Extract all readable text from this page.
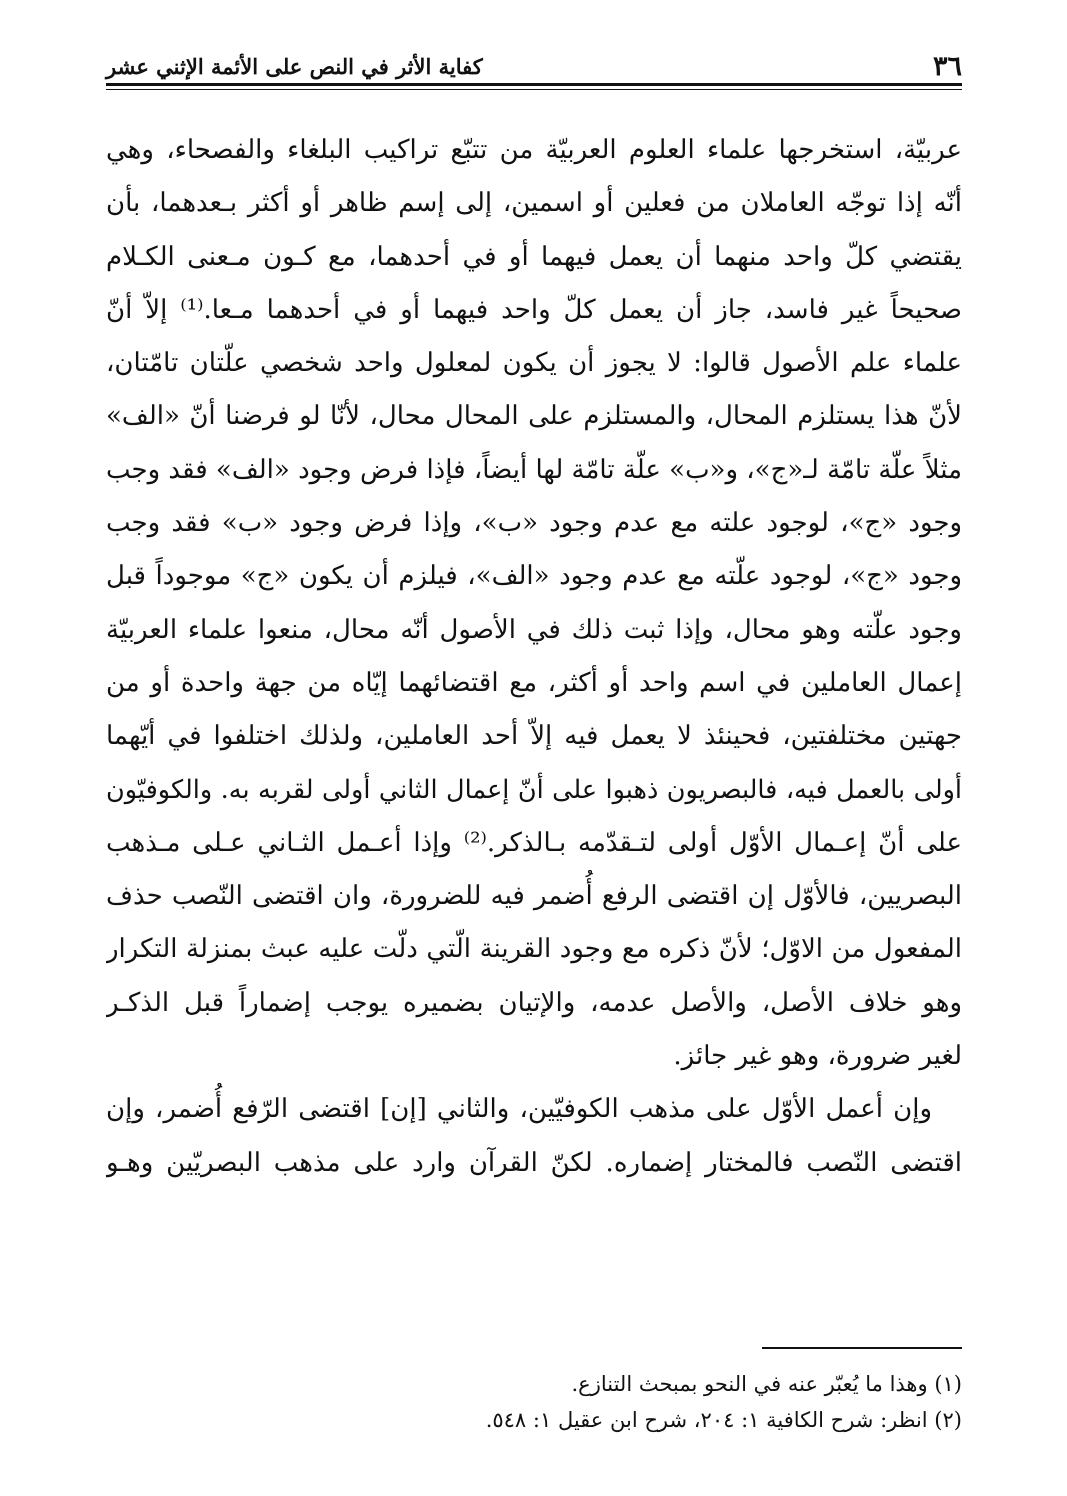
٣٦
كفاية الأثر في النص على الأئمة الإثني عشر
عربيّة، استخرجها علماء العلوم العربيّة من تتبّع تراكيب البلغاء والفصحاء، وهي
أنّه إذا توجّه العاملان من فعلين أو اسمين، إلى إسم ظاهر أو أكثر بـعدهما، بأن
يقتضي كلّ واحد منهما أن يعمل فيهما أو في أحدهما، مع كـون مـعنى الكـلام
صحيحاً غير فاسد، جاز أن يعمل كلّ واحد فيهما أو في أحدهما مـعا.⁽¹⁾ إلاّ أنّ
علماء علم الأصول قالوا: لا يجوز أن يكون لمعلول واحد شخصي علّتان تامّتان،
لأنّ هذا يستلزم المحال، والمستلزم على المحال محال، لأنّا لو فرضنا أنّ «الف»
مثلاً علّة تامّة لـ«ج»، و«ب» علّة تامّة لها أيضاً، فإذا فرض وجود «الف» فقد وجب
وجود «ج»، لوجود علته مع عدم وجود «ب»، وإذا فرض وجود «ب» فقد وجب
وجود «ج»، لوجود علّته مع عدم وجود «الف»، فيلزم أن يكون «ج» موجوداً قبل
وجود علّته وهو محال، وإذا ثبت ذلك في الأصول أنّه محال، منعوا علماء العربيّة
إعمال العاملين في اسم واحد أو أكثر، مع اقتضائهما إيّاه من جهة واحدة أو من
جهتين مختلفتين، فحينئذ لا يعمل فيه إلاّ أحد العاملين، ولذلك اختلفوا في أيّهما
أولى بالعمل فيه، فالبصريون ذهبوا على أنّ إعمال الثاني أولى لقربه به. والكوفيّون
على أنّ إعـمال الأوّل أولى لتـقدّمه بـالذكر.⁽²⁾ وإذا أعـمل الثـاني عـلى مـذهب
البصريين، فالأوّل إن اقتضى الرفع أُضمر فيه للضرورة، وان اقتضى النّصب حذف
المفعول من الاوّل؛ لأنّ ذكره مع وجود القرينة الّتي دلّت عليه عبث بمنزلة التكرار
وهو خلاف الأصل، والأصل عدمه، والإتيان بضميره يوجب إضماراً قبل الذكـر
لغير ضرورة، وهو غير جائز.
وإن أعمل الأوّل على مذهب الكوفيّين، والثاني [إن] اقتضى الرّفع أُضمر، وإن
اقتضى النّصب فالمختار إضماره. لكنّ القرآن وارد على مذهب البصريّين وهـو
(١) وهذا ما يُعبّر عنه في النحو بمبحث التنازع.
(٢) انظر: شرح الكافية ١: ٢٠٤، شرح ابن عقيل ١: ٥٤٨.
